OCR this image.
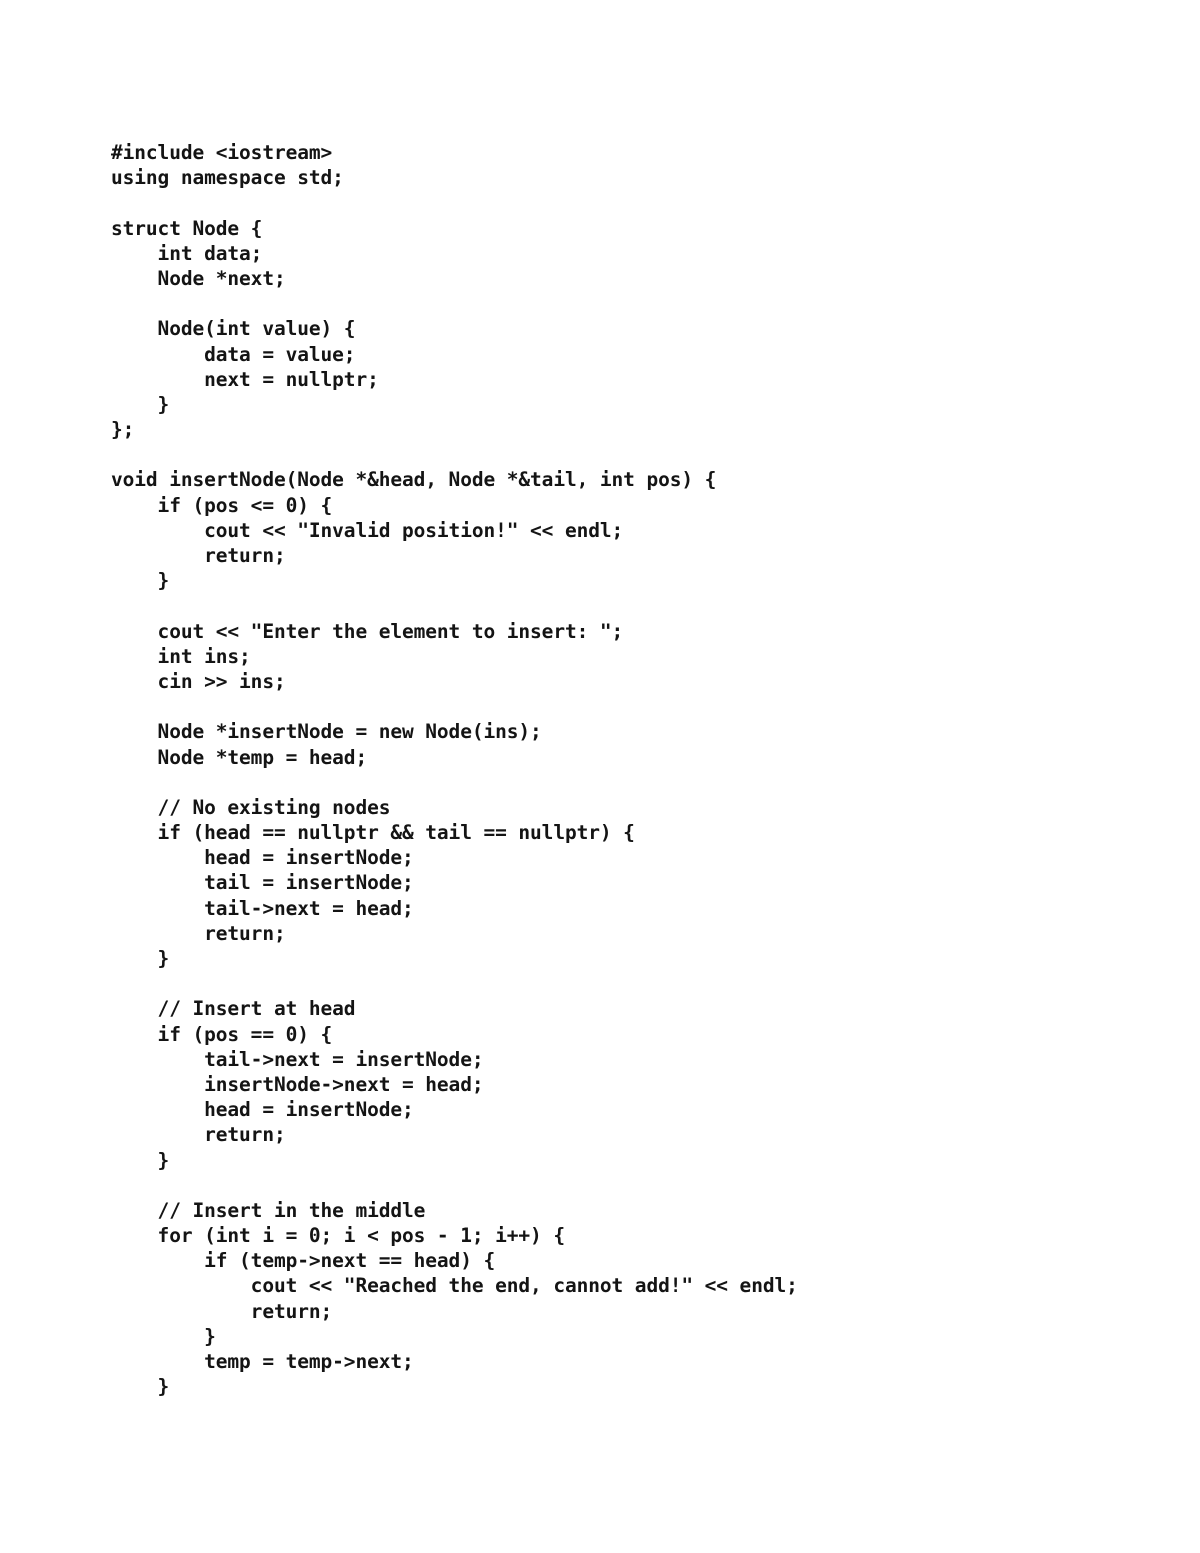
#include <iostream>
using namespace std;
struct Node {
int data;
Node *next;
Node(int value) {
data = value;
next = nullptr;
}
};
void insertNode(Node *&head, Node *&tail, int pos) {
if (pos <= 0) {
cout << "Invalid position!" << endl;
return;
}
cout << "Enter the element to insert: ";
int ins;
cin >> ins;
Node *insertNode = new Node(ins);
Node *temp = head;
// No existing nodes
if (head == nullptr && tail == nullptr) {
head = insertNode;
tail = insertNode;
tail->next = head;
return;
}
// Insert at head
if (pos == 0) {
tail->next = insertNode;
insertNode->next = head;
head = insertNode;
return;
}
// Insert in the middle
for (int i = 0; i < pos - 1; i++) {
if (temp->next == head) {
cout << "Reached the end, cannot add!" << endl;
return;
}
temp = temp->next;
}
